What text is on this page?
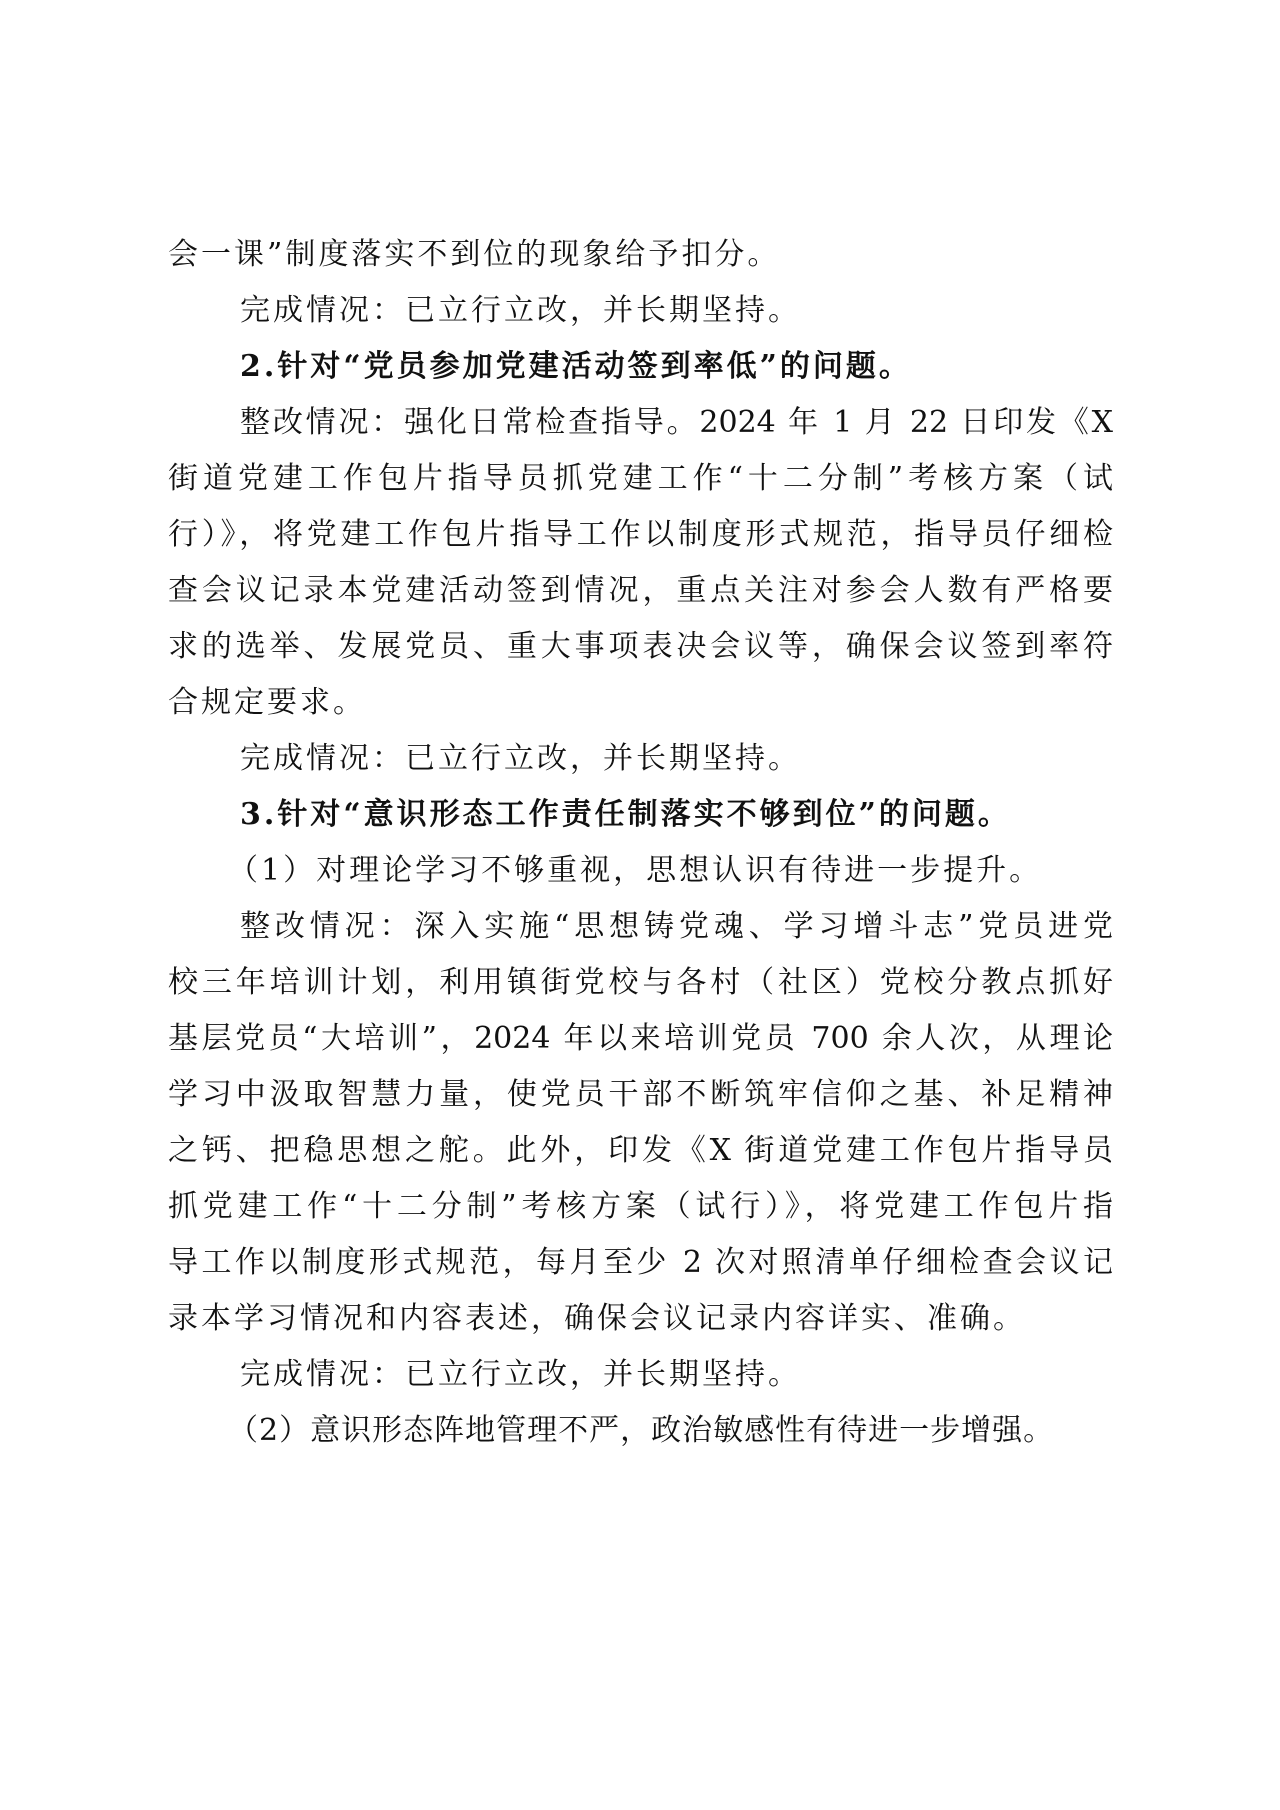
会一课”制度落实不到位的现象给予扣分。
完成情况：已立行立改，并长期坚持。
2.针对“党员参加党建活动签到率低”的问题。
整改情况：强化日常检查指导。2024 年 1 月 22 日印发《X
街道党建工作包片指导员抓党建工作“十二分制”考核方案（试
行）》，将党建工作包片指导工作以制度形式规范，指导员仔细检
查会议记录本党建活动签到情况，重点关注对参会人数有严格要
求的选举、发展党员、重大事项表决会议等，确保会议签到率符
合规定要求。
完成情况：已立行立改，并长期坚持。
3.针对“意识形态工作责任制落实不够到位”的问题。
（1）对理论学习不够重视，思想认识有待进一步提升。
整改情况：深入实施“思想铸党魂、学习增斗志”党员进党
校三年培训计划，利用镇街党校与各村（社区）党校分教点抓好
基层党员“大培训”，2024 年以来培训党员 700 余人次，从理论
学习中汲取智慧力量，使党员干部不断筑牢信仰之基、补足精神
之钙、把稳思想之舵。此外，印发《X 街道党建工作包片指导员
抓党建工作“十二分制”考核方案（试行）》，将党建工作包片指
导工作以制度形式规范，每月至少 2 次对照清单仔细检查会议记
录本学习情况和内容表述，确保会议记录内容详实、准确。
完成情况：已立行立改，并长期坚持。
（2）意识形态阵地管理不严，政治敏感性有待进一步增强。
